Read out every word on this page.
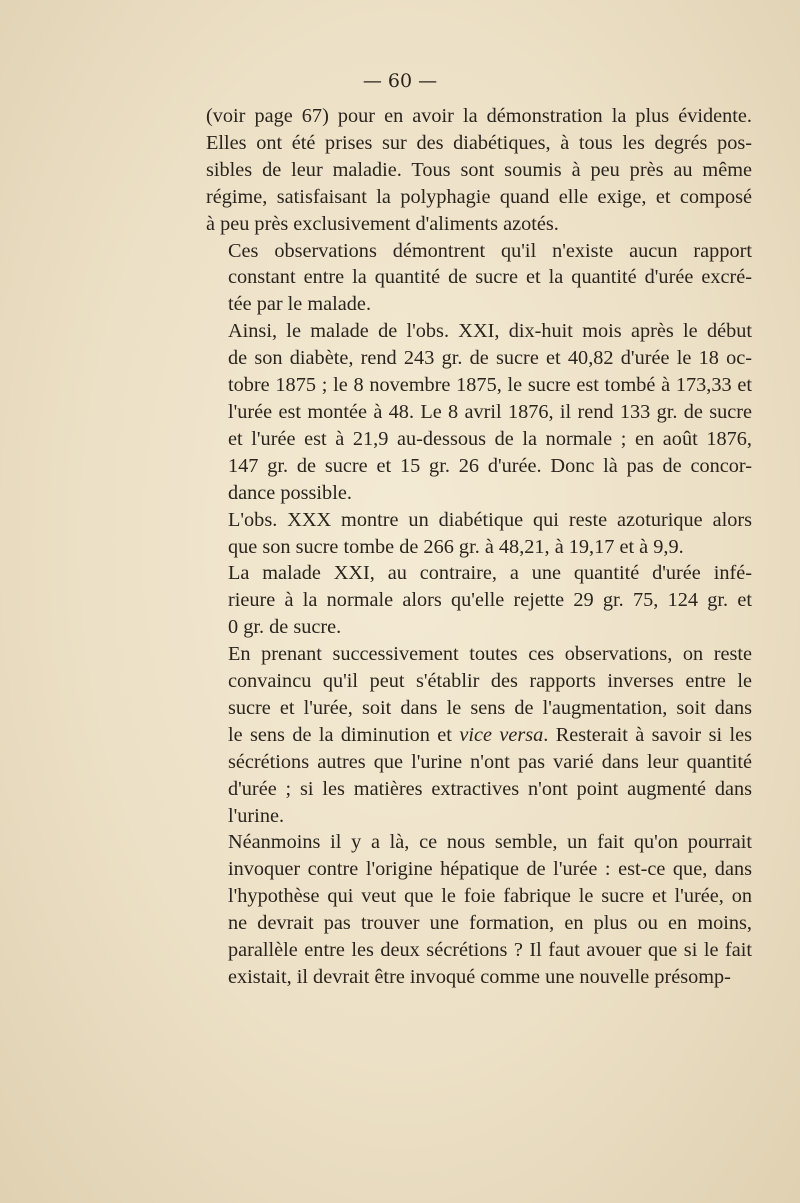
— 60 —
(voir page 67) pour en avoir la démonstration la plus évidente.
Elles ont été prises sur des diabétiques, à tous les degrés pos-
sibles de leur maladie. Tous sont soumis à peu près au même
régime, satisfaisant la polyphagie quand elle exige, et composé
à peu près exclusivement d'aliments azotés.
Ces observations démontrent qu'il n'existe aucun rapport
constant entre la quantité de sucre et la quantité d'urée excré-
tée par le malade.
Ainsi, le malade de l'obs. XXI, dix-huit mois après le début
de son diabète, rend 243 gr. de sucre et 40,82 d'urée le 18 oc-
tobre 1875 ; le 8 novembre 1875, le sucre est tombé à 173,33 et
l'urée est montée à 48. Le 8 avril 1876, il rend 133 gr. de sucre
et l'urée est à 21,9 au-dessous de la normale ; en août 1876,
147 gr. de sucre et 15 gr. 26 d'urée. Donc là pas de concor-
dance possible.
L'obs. XXX montre un diabétique qui reste azoturique alors
que son sucre tombe de 266 gr. à 48,21, à 19,17 et à 9,9.
La malade XXI, au contraire, a une quantité d'urée infé-
rieure à la normale alors qu'elle rejette 29 gr. 75, 124 gr. et
0 gr. de sucre.
En prenant successivement toutes ces observations, on reste
convaincu qu'il peut s'établir des rapports inverses entre le
sucre et l'urée, soit dans le sens de l'augmentation, soit dans
le sens de la diminution et vice versa. Resterait à savoir si les
sécrétions autres que l'urine n'ont pas varié dans leur quantité
d'urée ; si les matières extractives n'ont point augmenté dans
l'urine.
Néanmoins il y a là, ce nous semble, un fait qu'on pourrait
invoquer contre l'origine hépatique de l'urée : est-ce que, dans
l'hypothèse qui veut que le foie fabrique le sucre et l'urée, on
ne devrait pas trouver une formation, en plus ou en moins,
parallèle entre les deux sécrétions ? Il faut avouer que si le fait
existait, il devrait être invoqué comme une nouvelle présomp-
